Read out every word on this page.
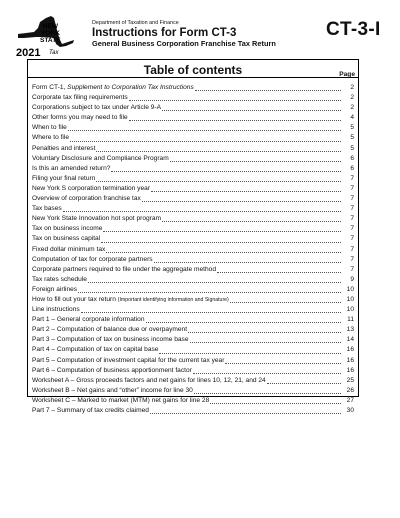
NEW
YORK
STATE
2021 Tax
Department of Taxation and Finance
Instructions for Form CT-3
General Business Corporation Franchise Tax Return
CT-3-I
Table of contents	Page
Form CT-1, Supplement to Corporation Tax Instructions	2
Corporate tax filing requirements	2
Corporations subject to tax under Article 9-A	2
Other forms you may need to file	4
When to file	5
Where to file	5
Penalties and interest	5
Voluntary Disclosure and Compliance Program	6
Is this an amended return?	6
Filing your final return	7
New York S corporation termination year	7
Overview of corporation franchise tax	7
Tax bases	7
New York State Innovation hot spot program	7
Tax on business income	7
Tax on business capital	7
Fixed dollar minimum tax	7
Computation of tax for corporate partners	7
Corporate partners required to file under the aggregate method	7
Tax rates schedule	9
Foreign airlines	10
How to fill out your tax return (Important identifying information and Signature)	10
Line instructions	10
Part 1 – General corporate information	11
Part 2 – Computation of balance due or overpayment	13
Part 3 – Computation of tax on business income base	14
Part 4 – Computation of tax on capital base	16
Part 5 – Computation of investment capital for the current tax year	16
Part 6 – Computation of business apportionment factor	16
Worksheet A – Gross proceeds factors and net gains for lines 10, 12, 21, and 24	25
Worksheet B – Net gains and “other” income for line 30	26
Worksheet C – Marked to market (MTM) net gains for line 28	27
Part 7 – Summary of tax credits claimed	30
